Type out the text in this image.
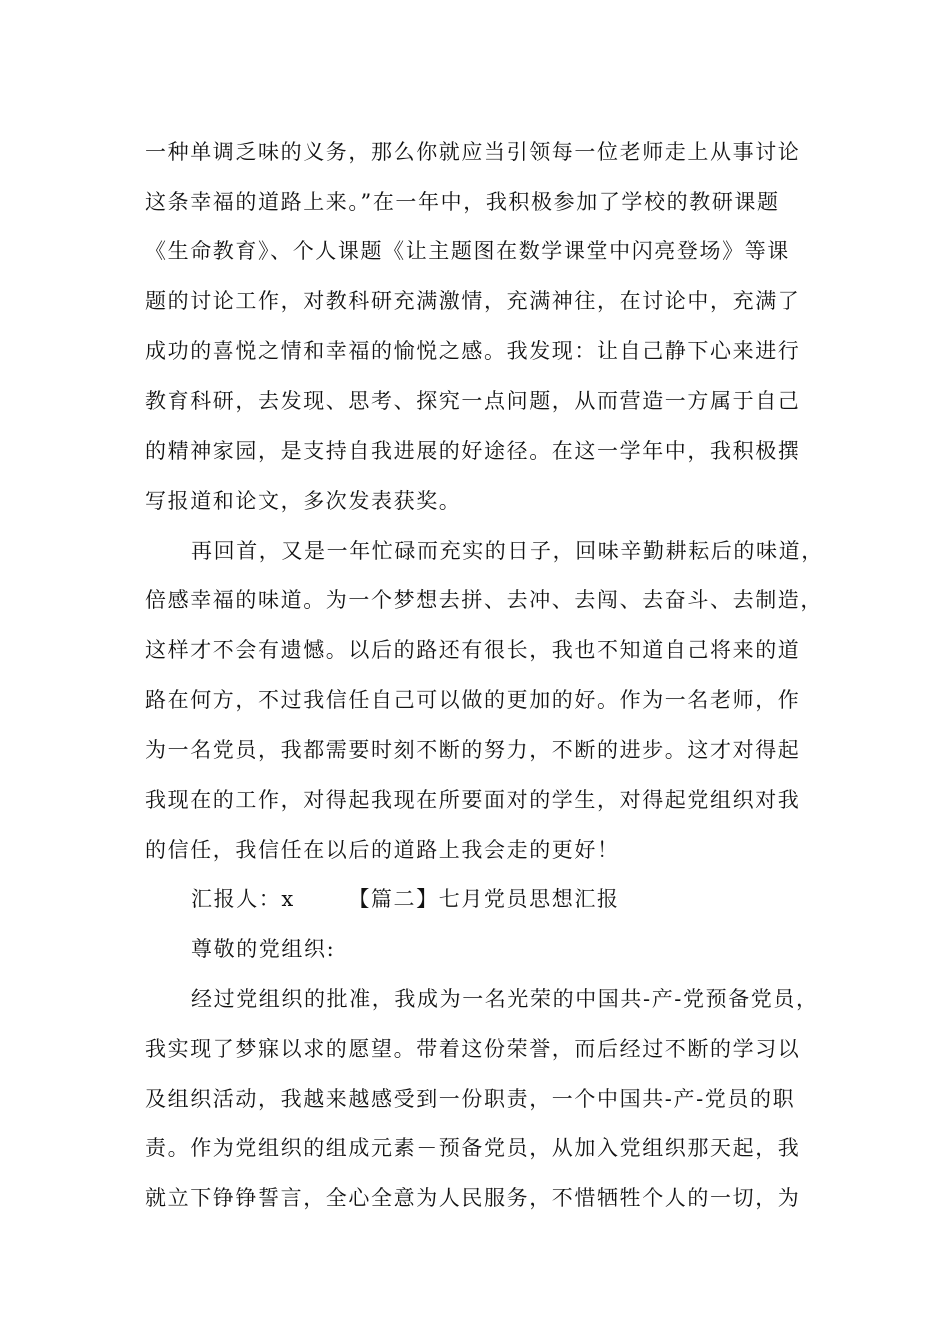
一种单调乏味的义务，那么你就应当引领每一位老师走上从事讨论
这条幸福的道路上来。”在一年中，我积极参加了学校的教研课题
《生命教育》、个人课题《让主题图在数学课堂中闪亮登场》等课
题的讨论工作，对教科研充满激情，充满神往，在讨论中，充满了
成功的喜悦之情和幸福的愉悦之感。我发现：让自己静下心来进行
教育科研，去发现、思考、探究一点问题，从而营造一方属于自己
的精神家园，是支持自我进展的好途径。在这一学年中，我积极撰
写报道和论文，多次发表获奖。
再回首，又是一年忙碌而充实的日子，回味辛勤耕耘后的味道，
倍感幸福的味道。为一个梦想去拼、去冲、去闯、去奋斗、去制造，
这样才不会有遗憾。以后的路还有很长，我也不知道自己将来的道
路在何方，不过我信任自己可以做的更加的好。作为一名老师，作
为一名党员，我都需要时刻不断的努力，不断的进步。这才对得起
我现在的工作，对得起我现在所要面对的学生，对得起党组织对我
的信任，我信任在以后的道路上我会走的更好！
汇报人：x　　 【篇二】七月党员思想汇报
尊敬的党组织:
经过党组织的批准，我成为一名光荣的中国共-产-党预备党员，
我实现了梦寐以求的愿望。带着这份荣誉，而后经过不断的学习以
及组织活动，我越来越感受到一份职责，一个中国共-产-党员的职
责。作为党组织的组成元素－预备党员，从加入党组织那天起，我
就立下铮铮誓言，全心全意为人民服务，不惜牺牲个人的一切，为
